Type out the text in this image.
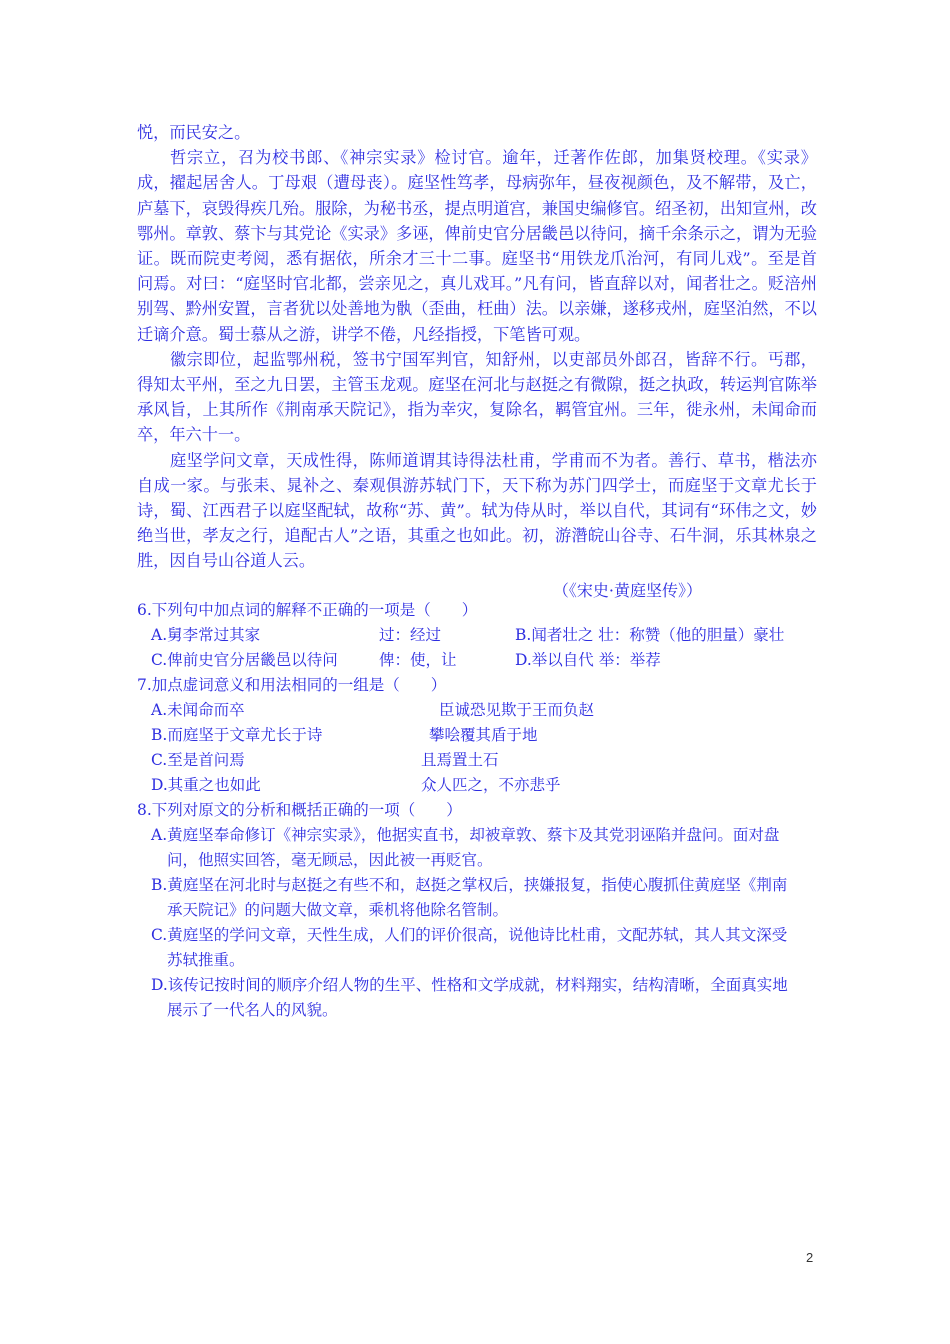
悦，而民安之。

哲宗立，召为校书郎、《神宗实录》检讨官。逾年，迁著作佐郎，加集贤校理。《实录》成，擢起居舍人。丁母艰（遭母丧）。庭坚性笃孝，母病弥年，昼夜视颜色，及不解带，及亡，庐墓下，哀毁得疾几殆。服除，为秘书丞，提点明道宫，兼国史编修官。绍圣初，出知宣州，改鄂州。章敦、蔡卞与其党论《实录》多诬，俾前史官分居畿邑以待问，摘千余条示之，谓为无验证。既而院吏考阅，悉有据依，所余才三十二事。庭坚书“用铁龙爪治河，有同儿戏”。至是首问焉。对曰：“庭坚时官北都，尝亲见之，真儿戏耳。”凡有问，皆直辞以对，闻者壮之。贬涪州别驾、黔州安置，言者犹以处善地为骫（歪曲，枉曲）法。以亲嫌，遂移戎州，庭坚泊然，不以迁谪介意。蜀士慕从之游，讲学不倦，凡经指授，下笔皆可观。

徽宗即位，起监鄂州税，签书宁国军判官，知舒州，以吏部员外郎召，皆辞不行。丐郡，得知太平州，至之九日罢，主管玉龙观。庭坚在河北与赵挺之有微隙，挺之执政，转运判官陈举承风旨，上其所作《荆南承天院记》，指为幸灾，复除名，羁管宜州。三年，徙永州，未闻命而卒，年六十一。

庭坚学问文章，天成性得，陈师道谓其诗得法杜甫，学甫而不为者。善行、草书，楷法亦自成一家。与张耒、晁补之、秦观俱游苏轼门下，天下称为苏门四学士，而庭坚于文章尤长于诗，蜀、江西君子以庭坚配轼，故称“苏、黄”。轼为侍从时，举以自代，其词有“环伟之文，妙绝当世，孝友之行，追配古人”之语，其重之也如此。初，游濳皖山谷寺、石牛洞，乐其林泉之胜，因自号山谷道人云。

（《宋史·黄庭坚传》）

6.下列句中加点词的解释不正确的一项是（　　）
A.舅李常过其家	过：经过	B.闻者壮之 壮：称赞（他的胆量）豪壮
C.俾前史官分居畿邑以待问	俾：使，让	D.举以自代 举：举荐
7.加点虚词意义和用法相同的一组是（　　）
A.未闻命而卒	臣诚恐见欺于王而负赵
B.而庭坚于文章尤长于诗	攀哙覆其盾于地
C.至是首问焉	且焉置土石
D.其重之也如此	众人匹之，不亦悲乎
8.下列对原文的分析和概括正确的一项（　　）
A.黄庭坚奉命修订《神宗实录》，他据实直书，却被章敦、蔡卞及其党羽诬陷并盘问。面对盘
问，他照实回答，毫无顾忌，因此被一再贬官。
B.黄庭坚在河北时与赵挺之有些不和，赵挺之掌权后，挟嫌报复，指使心腹抓住黄庭坚《荆南
承天院记》的问题大做文章，乘机将他除名管制。
C.黄庭坚的学问文章，天性生成，人们的评价很高，说他诗比杜甫，文配苏轼，其人其文深受
苏轼推重。
D.该传记按时间的顺序介绍人物的生平、性格和文学成就，材料翔实，结构清晰，全面真实地
展示了一代名人的风貌。
2
